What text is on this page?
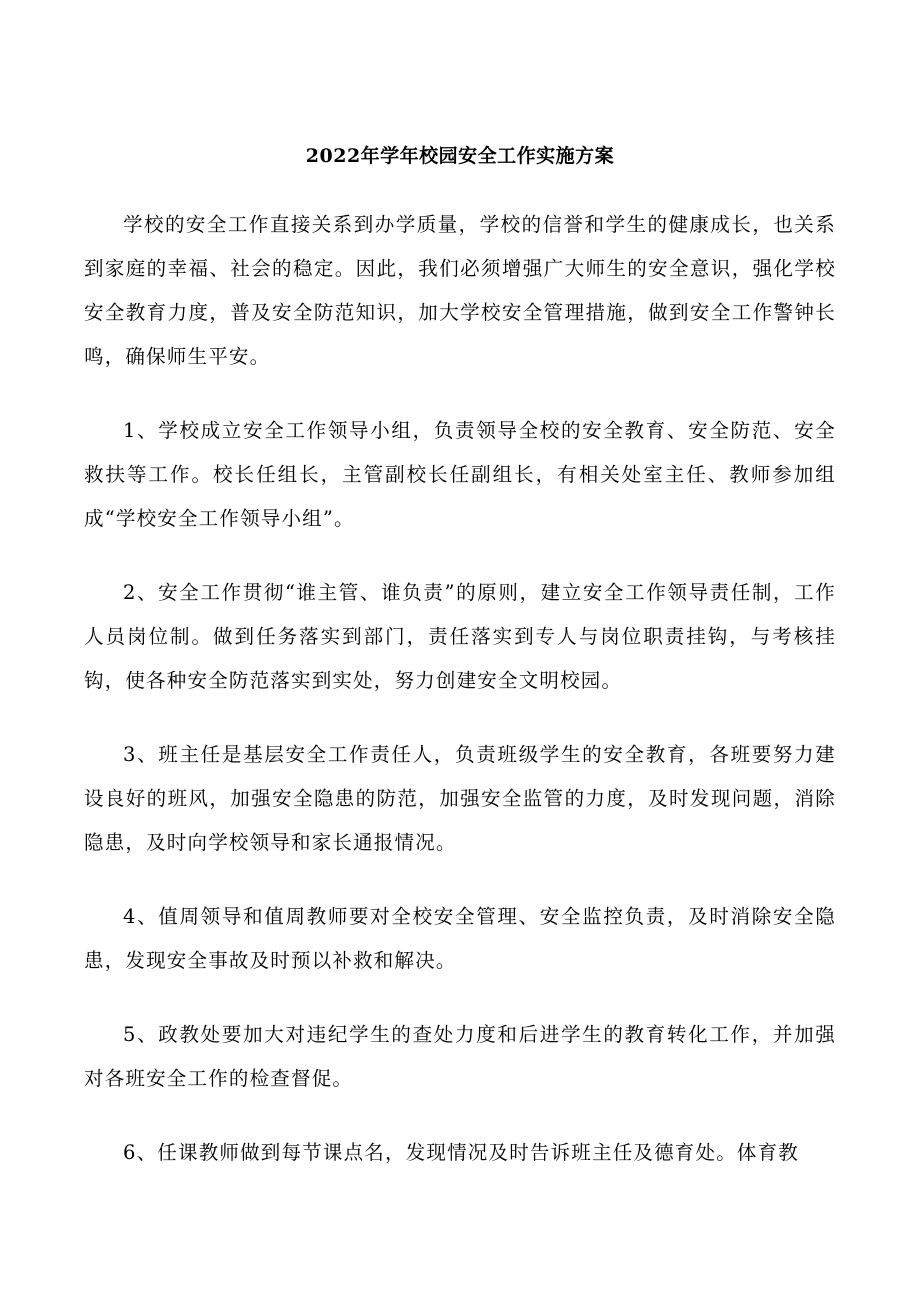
2022年学年校园安全工作实施方案

学校的安全工作直接关系到办学质量，学校的信誉和学生的健康成长，也关系到家庭的幸福、社会的稳定。因此，我们必须增强广大师生的安全意识，强化学校安全教育力度，普及安全防范知识，加大学校安全管理措施，做到安全工作警钟长鸣，确保师生平安。

1、学校成立安全工作领导小组，负责领导全校的安全教育、安全防范、安全救扶等工作。校长任组长，主管副校长任副组长，有相关处室主任、教师参加组成“学校安全工作领导小组”。

2、安全工作贯彻“谁主管、谁负责”的原则，建立安全工作领导责任制，工作人员岗位制。做到任务落实到部门，责任落实到专人与岗位职责挂钩，与考核挂钩，使各种安全防范落实到实处，努力创建安全文明校园。

3、班主任是基层安全工作责任人，负责班级学生的安全教育，各班要努力建设良好的班风，加强安全隐患的防范，加强安全监管的力度，及时发现问题，消除隐患，及时向学校领导和家长通报情况。

4、值周领导和值周教师要对全校安全管理、安全监控负责，及时消除安全隐患，发现安全事故及时预以补救和解决。

5、政教处要加大对违纪学生的查处力度和后进学生的教育转化工作，并加强对各班安全工作的检查督促。

6、任课教师做到每节课点名，发现情况及时告诉班主任及德育处。体育教
